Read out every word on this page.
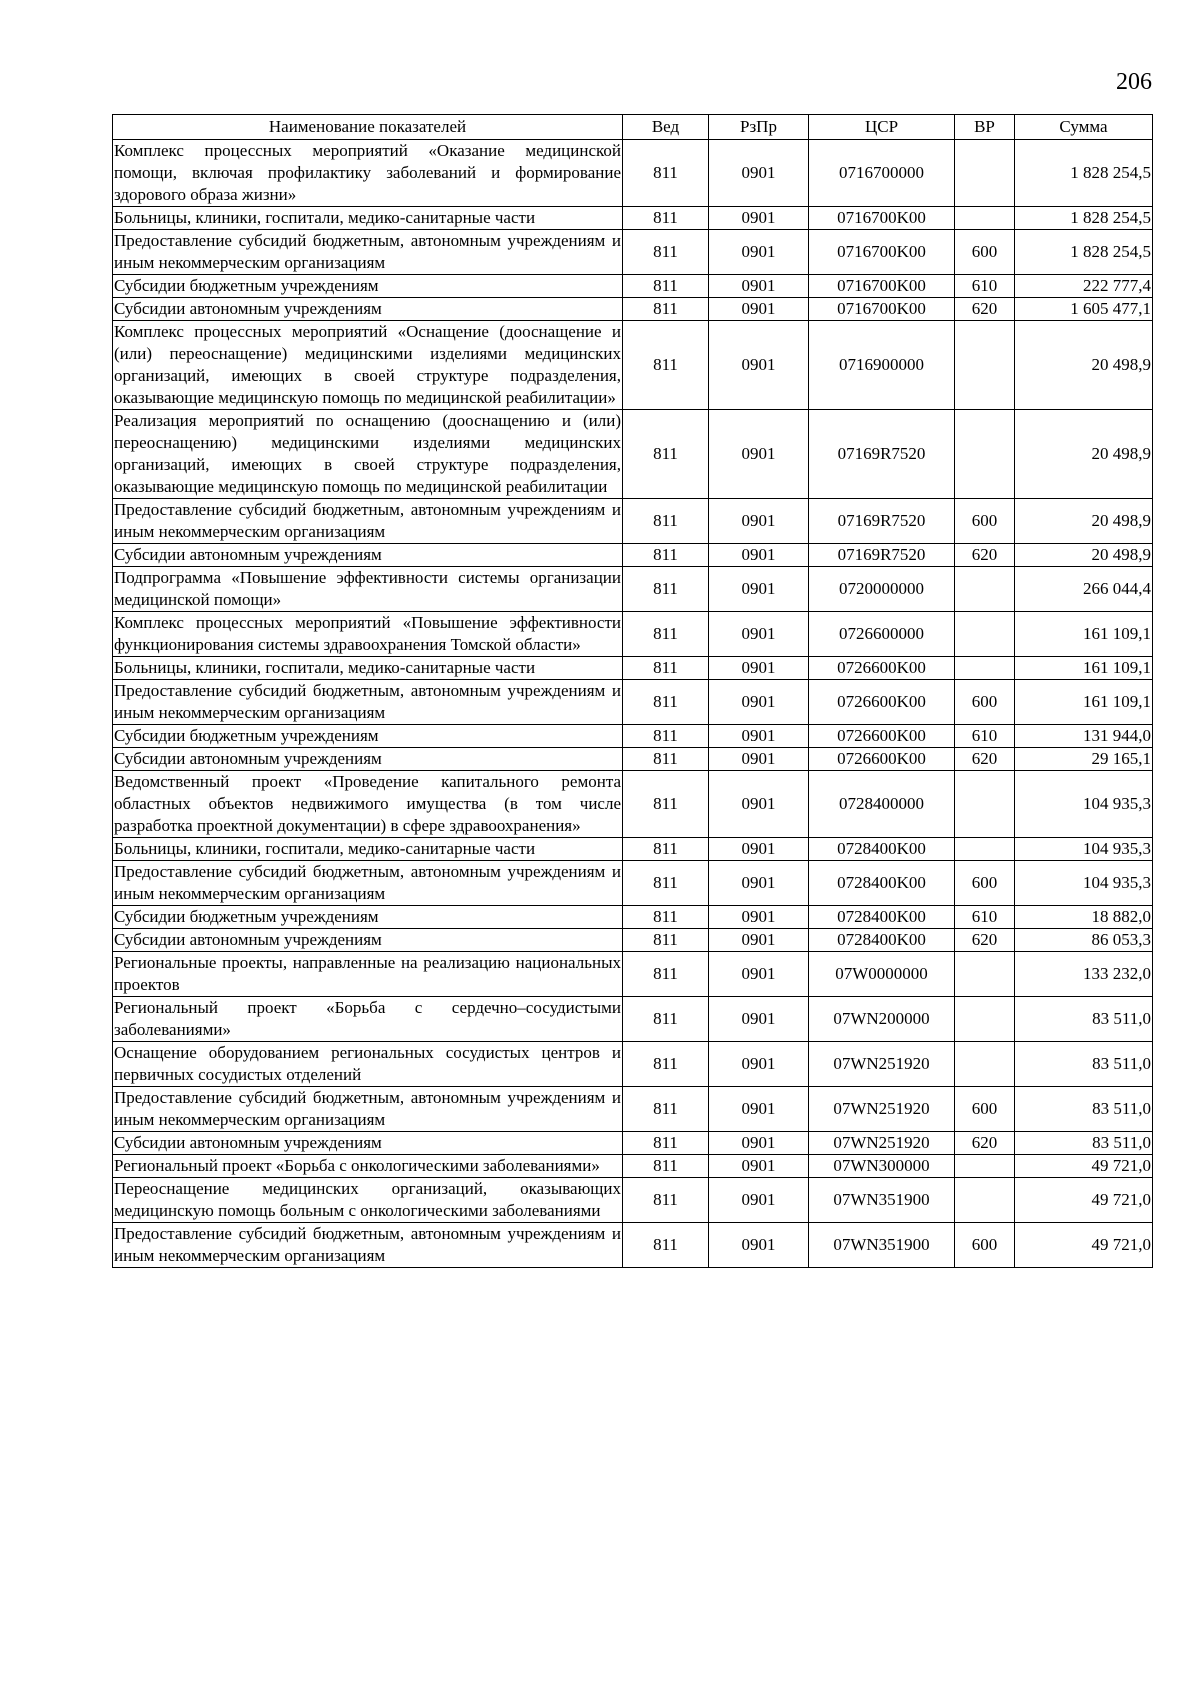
206
Наименование показателей	Вед	РзПр	ЦСР	ВР	Сумма
Комплекс процессных мероприятий «Оказание медицинской помощи, включая профилактику заболеваний и формирование здорового образа жизни»	811	0901	0716700000		1 828 254,5
Больницы, клиники, госпитали, медико-санитарные части	811	0901	0716700K00		1 828 254,5
Предоставление субсидий бюджетным, автономным учреждениям и иным некоммерческим организациям	811	0901	0716700K00	600	1 828 254,5
Субсидии бюджетным учреждениям	811	0901	0716700K00	610	222 777,4
Субсидии автономным учреждениям	811	0901	0716700K00	620	1 605 477,1
Комплекс процессных мероприятий «Оснащение (дооснащение и (или) переоснащение) медицинскими изделиями медицинских организаций, имеющих в своей структуре подразделения, оказывающие медицинскую помощь по медицинской реабилитации»	811	0901	0716900000		20 498,9
Реализация мероприятий по оснащению (дооснащению и (или) переоснащению) медицинскими изделиями медицинских организаций, имеющих в своей структуре подразделения, оказывающие медицинскую помощь по медицинской реабилитации	811	0901	07169R7520		20 498,9
Предоставление субсидий бюджетным, автономным учреждениям и иным некоммерческим организациям	811	0901	07169R7520	600	20 498,9
Субсидии автономным учреждениям	811	0901	07169R7520	620	20 498,9
Подпрограмма «Повышение эффективности системы организации медицинской помощи»	811	0901	0720000000		266 044,4
Комплекс процессных мероприятий «Повышение эффективности функционирования системы здравоохранения Томской области»	811	0901	0726600000		161 109,1
Больницы, клиники, госпитали, медико-санитарные части	811	0901	0726600K00		161 109,1
Предоставление субсидий бюджетным, автономным учреждениям и иным некоммерческим организациям	811	0901	0726600K00	600	161 109,1
Субсидии бюджетным учреждениям	811	0901	0726600K00	610	131 944,0
Субсидии автономным учреждениям	811	0901	0726600K00	620	29 165,1
Ведомственный проект «Проведение капитального ремонта областных объектов недвижимого имущества (в том числе разработка проектной документации) в сфере здравоохранения»	811	0901	0728400000		104 935,3
Больницы, клиники, госпитали, медико-санитарные части	811	0901	0728400K00		104 935,3
Предоставление субсидий бюджетным, автономным учреждениям и иным некоммерческим организациям	811	0901	0728400K00	600	104 935,3
Субсидии бюджетным учреждениям	811	0901	0728400K00	610	18 882,0
Субсидии автономным учреждениям	811	0901	0728400K00	620	86 053,3
Региональные проекты, направленные на реализацию национальных проектов	811	0901	07W0000000		133 232,0
Региональный проект «Борьба с сердечно–сосудистыми заболеваниями»	811	0901	07WN200000		83 511,0
Оснащение оборудованием региональных сосудистых центров и первичных сосудистых отделений	811	0901	07WN251920		83 511,0
Предоставление субсидий бюджетным, автономным учреждениям и иным некоммерческим организациям	811	0901	07WN251920	600	83 511,0
Субсидии автономным учреждениям	811	0901	07WN251920	620	83 511,0
Региональный проект «Борьба с онкологическими заболеваниями»	811	0901	07WN300000		49 721,0
Переоснащение медицинских организаций, оказывающих медицинскую помощь больным с онкологическими заболеваниями	811	0901	07WN351900		49 721,0
Предоставление субсидий бюджетным, автономным учреждениям и иным некоммерческим организациям	811	0901	07WN351900	600	49 721,0
